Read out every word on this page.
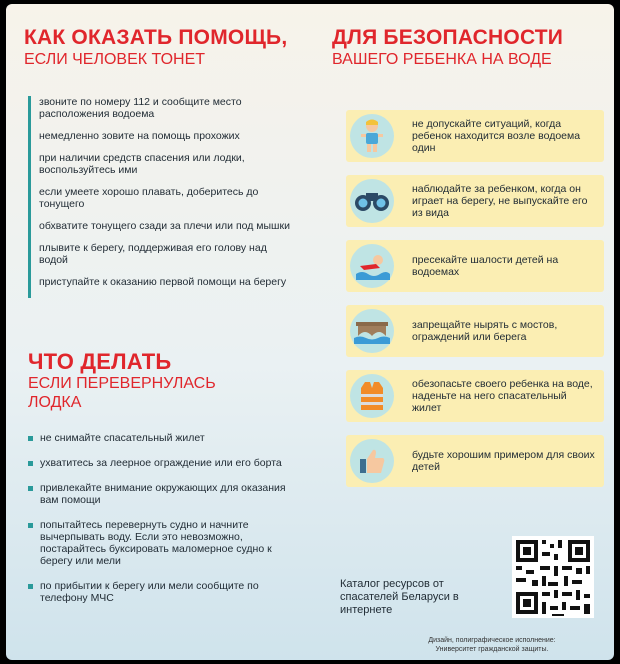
КАК ОКАЗАТЬ ПОМОЩЬ,
ЕСЛИ ЧЕЛОВЕК ТОНЕТ
звоните по номеру 112 и сообщите место расположения водоема
немедленно зовите на помощь прохожих
при наличии средств спасения или лодки, воспользуйтесь ими
если умеете хорошо плавать, доберитесь до тонущего
обхватите тонущего сзади за плечи или под мышки
плывите к берегу, поддерживая его голову над водой
приступайте к оказанию первой помощи на берегу
ЧТО ДЕЛАТЬ
ЕСЛИ ПЕРЕВЕРНУЛАСЬ
ЛОДКА
не снимайте спасательный жилет
ухватитесь за леерное ограждение или его борта
привлекайте внимание окружающих для оказания вам помощи
попытайтесь перевернуть судно и начните вычерпывать воду. Если это невозможно, постарайтесь буксировать маломерное судно к берегу или мели
по прибытии к берегу или мели сообщите по телефону МЧС
ДЛЯ БЕЗОПАСНОСТИ
ВАШЕГО РЕБЕНКА НА ВОДЕ
не допускайте ситуаций, когда ребенок находится возле водоема один
наблюдайте за ребенком, когда он играет на берегу, не выпускайте его из вида
пресекайте шалости детей на водоемах
запрещайте нырять с мостов, ограждений или берега
обезопасьте своего ребенка на воде, наденьте на него спасательный жилет
будьте хорошим примером для своих детей
Каталог ресурсов от спасателей Беларуси в интернете
Дизайн, полиграфическое исполнение:
Университет гражданской защиты.
